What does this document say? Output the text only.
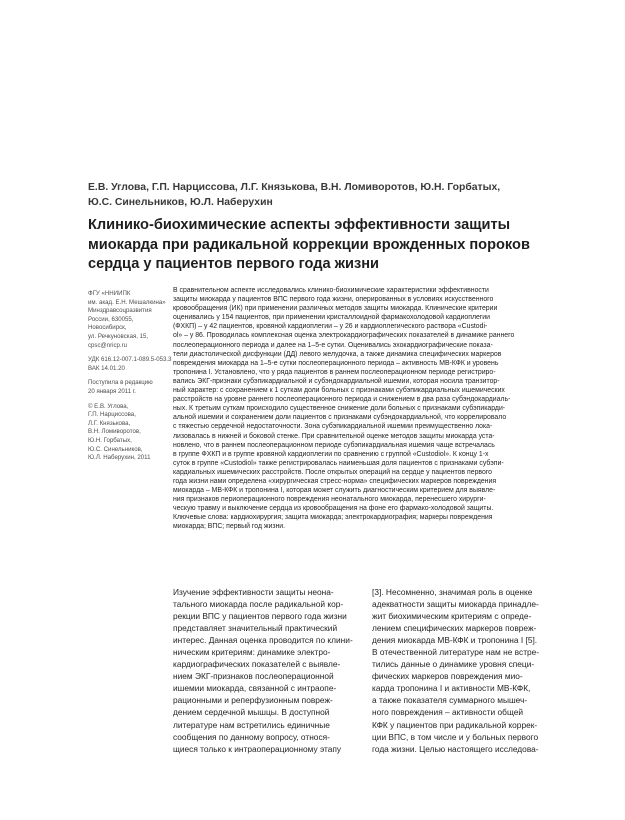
Е.В. Углова, Г.П. Нарциссова, Л.Г. Князькова, В.Н. Ломиворотов, Ю.Н. Горбатых,
Ю.С. Синельников, Ю.Л. Наберухин
Клинико-биохимические аспекты эффективности защиты
миокарда при радикальной коррекции врожденных пороков
сердца у пациентов первого года жизни
ФГУ «ННИИПК
им. акад. Е.Н. Мешалкина»
Минздравсоцразвития
России, 630055,
Новосибирск,
ул. Речкуновская, 15,
cpsc@nricp.ru
УДК 616.12-007.1-089.5-053.3
ВАК 14.01.20
Поступила в редакцию
20 января 2011 г.
© Е.В. Углова,
Г.П. Нарциссова,
Л.Г. Князькова,
В.Н. Ломиворотов,
Ю.Н. Горбатых,
Ю.С. Синельников,
Ю.Л. Наберухин, 2011
В сравнительном аспекте исследовались клинико-биохимические характеристики эффективности
защиты миокарда у пациентов ВПС первого года жизни, оперированных в условиях искусственного
кровообращения (ИК) при применении различных методов защиты миокарда. Клинические критерии
оценивались у 154 пациентов, при применении кристаллоидной фармакохолодовой кардиоплегии
(ФХКП) – у 42 пациентов, кровяной кардиоплегии – у 26 и кардиоплегического раствора «Custodi-
ol» – у 86. Проводилась комплексная оценка электрокардиографических показателей в динамике раннего
послеоперационного периода и далее на 1–5-е сутки. Оценивались эхокардиографические показа-
тели диастолической дисфункции (ДД) левого желудочка, а также динамика специфических маркеров
повреждения миокарда на 1–5-е сутки послеоперационного периода – активность МВ-КФК и уровень
тропонина I. Установлено, что у ряда пациентов в раннем послеоперационном периоде регистриро-
вались ЭКГ-признаки субэпикардиальной и субэндокардиальной ишемии, которая носила транзитор-
ный характер: с сохранением к 1 суткам доли больных с признаками субэпикардиальных ишемических
расстройств на уровне раннего послеоперационного периода и снижением в два раза субэндокардиаль-
ных. К третьим суткам происходило существенное снижение доли больных с признаками субэпикарди-
альной ишемии и сохранением доли пациентов с признаками субэндокардиальной, что коррелировало
с тяжестью сердечной недостаточности. Зона субэпикардиальной ишемии преимущественно лока-
лизовалась в нижней и боковой стенке. При сравнительной оценке методов защиты миокарда уста-
новлено, что в раннем послеоперационном периоде субэпикардиальная ишемия чаще встречалась
в группе ФХКП и в группе кровяной кардиоплегии по сравнению с группой «Custodiol». К концу 1-х
суток в группе «Custodiol» также регистрировалась наименьшая доля пациентов с признаками субэпи-
кардиальных ишемических расстройств. После открытых операций на сердце у пациентов первого
года жизни нами определена «хирургическая стресс-норма» специфических маркеров повреждения
миокарда – МВ-КФК и тропонина I, которая может служить диагностическим критерием для выявле-
ния признаков периоперационного повреждения неонатального миокарда, перенесшего хирурги-
ческую травму и выключение сердца из кровообращения на фоне его фармако-холодовой защиты.
Ключевые слова: кардиохирургия; защита миокарда; электрокардиография; маркеры повреждения
миокарда; ВПС; первый год жизни.
Изучение эффективности защиты неона-
тального миокарда после радикальной кор-
рекции ВПС у пациентов первого года жизни
представляет значительный практический
интерес. Данная оценка проводится по клини-
ническим критериям: динамике электро-
кардиографических показателей с выявле-
нием ЭКГ-признаков послеоперационной
ишемии миокарда, связанной с интраопе-
рационными и реперфузионным повреж-
дением сердечной мышцы. В доступной
литературе нам встретились единичные
сообщения по данному вопросу, относя-
щиеся только к интраоперационному этапу
[3]. Несомненно, значимая роль в оценке
адекватности защиты миокарда принадле-
жит биохимическим критериям с опреде-
лением специфических маркеров повреж-
дения миокарда МВ-КФК и тропонина I [5].
В отечественной литературе нам не встре-
тились данные о динамике уровня специ-
фических маркеров повреждения мио-
карда тропонина I и активности МВ-КФК,
а также показателя суммарного мышеч-
ного повреждения – активности общей
КФК у пациентов при радикальной коррек-
ции ВПС, в том числе и у больных первого
года жизни. Целью настоящего исследова-
